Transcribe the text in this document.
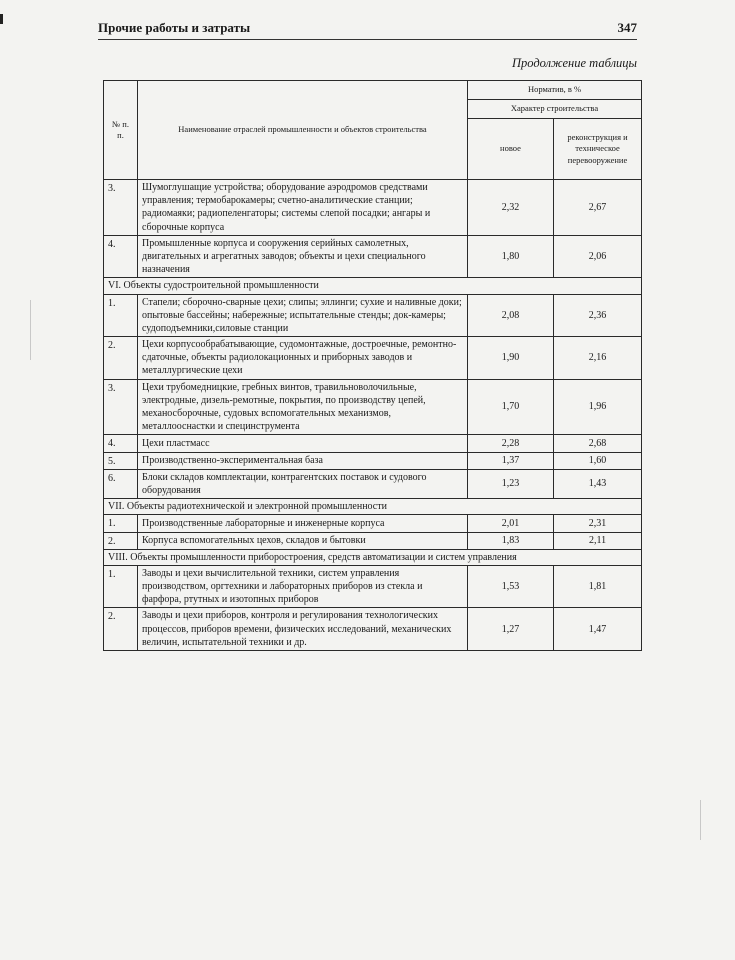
Прочие работы и затраты	347
Продолжение таблицы
№ п. п.	Наименование отраслей промышленности и объектов строительства	Норматив, в %	
		Характер строительства	
		новое	реконструкция и техническое перевооружение
3.	Шумоглушащие устройства; оборудование аэродромов средствами управления; термобарокамеры; счетно-аналитические станции; радиомаяки; радиопеленгаторы; системы слепой посадки; ангары и сборочные корпуса	2,32	2,67
4.	Промышленные корпуса и сооружения серийных самолетных, двигательных и агрегатных заводов; объекты и цехи специального назначения	1,80	2,06
VI. Объекты судостроительной промышленности			
1.	Стапели; сборочно-сварные цехи; слипы; эллинги; сухие и наливные доки; опытовые бассейны; набережные; испытательные стенды; док-камеры; судоподъемники,силовые станции	2,08	2,36
2.	Цехи корпусообрабатывающие, судомонтажные, достроечные, ремонтно-сдаточные, объекты радиолокационных и приборных заводов и металлургические цехи	1,90	2,16
3.	Цехи трубомедницкие, гребных винтов, травильноволочильные, электродные, дизель-ремотные, покрытия, по производству цепей, механосборочные, судовых вспомогательных механизмов, металлооснастки и специнструмента	1,70	1,96
4.	Цехи пластмасс	2,28	2,68
5.	Производственно-экспериментальная база	1,37	1,60
6.	Блоки складов комплектации, контрагентских поставок и судового оборудования	1,23	1,43
VII. Объекты радиотехнической и электронной промышленности			
1.	Производственные лабораторные и инженерные корпуса	2,01	2,31
2.	Корпуса вспомогательных цехов, складов и бытовки	1,83	2,11
VIII. Объекты промышленности приборостроения, средств автоматизации и систем управления			
1.	Заводы и цехи вычислительной техники, систем управления производством, оргтехники и лабораторных приборов из стекла и фарфора, ртутных и изотопных приборов	1,53	1,81
2.	Заводы и цехи приборов, контроля и регулирования технологических процессов, приборов времени, физических исследований, механических величин, испытательной техники и др.	1,27	1,47
